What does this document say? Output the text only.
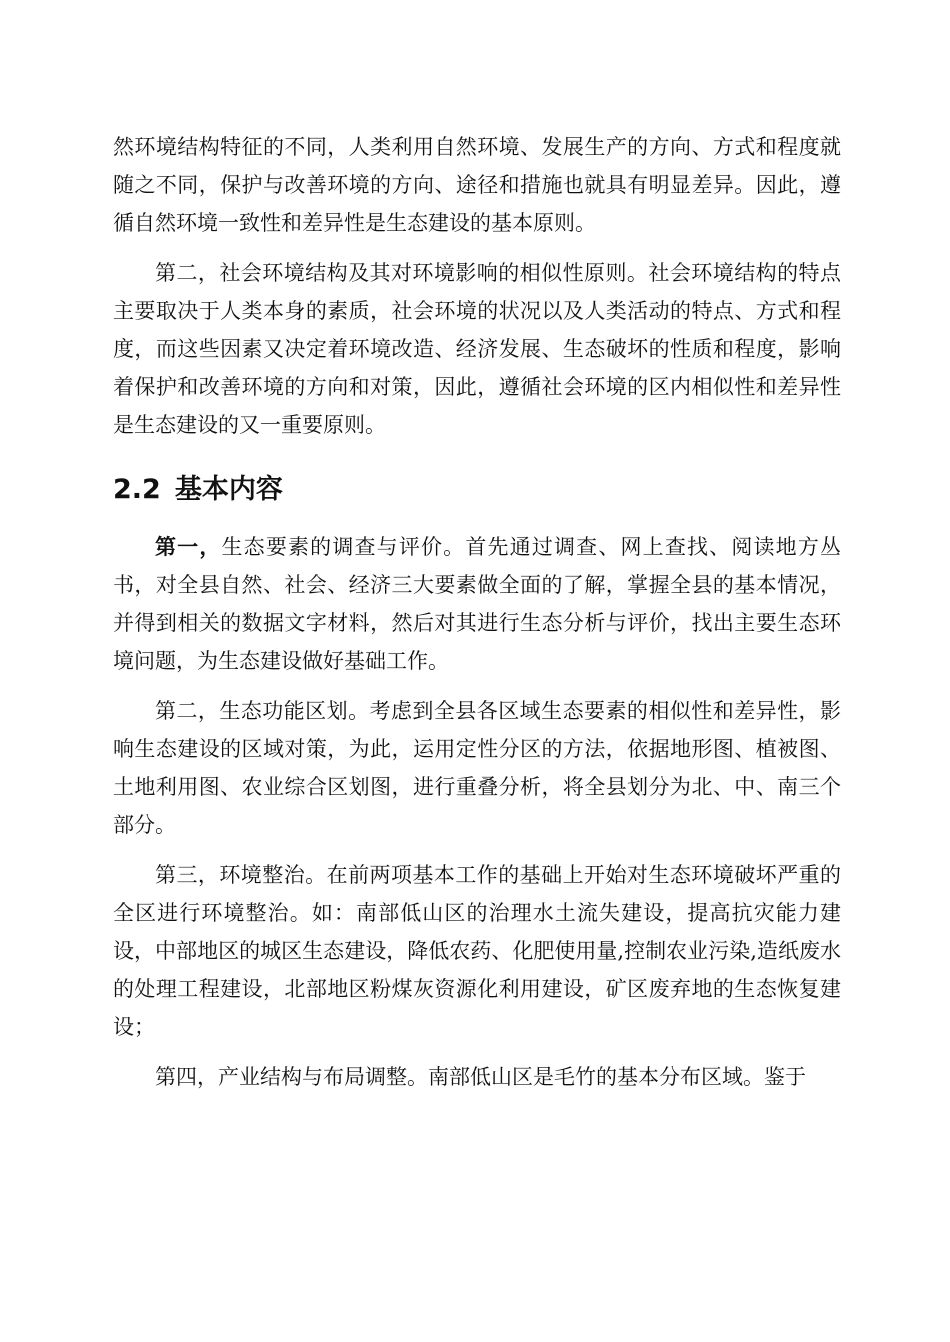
然环境结构特征的不同，人类利用自然环境、发展生产的方向、方式和程度就随之不同，保护与改善环境的方向、途径和措施也就具有明显差异。因此，遵循自然环境一致性和差异性是生态建设的基本原则。

第二，社会环境结构及其对环境影响的相似性原则。社会环境结构的特点主要取决于人类本身的素质，社会环境的状况以及人类活动的特点、方式和程度，而这些因素又决定着环境改造、经济发展、生态破坏的性质和程度，影响着保护和改善环境的方向和对策，因此，遵循社会环境的区内相似性和差异性是生态建设的又一重要原则。

2.2 基本内容

第一，生态要素的调查与评价。首先通过调查、网上查找、阅读地方丛书，对全县自然、社会、经济三大要素做全面的了解，掌握全县的基本情况，并得到相关的数据文字材料，然后对其进行生态分析与评价，找出主要生态环境问题，为生态建设做好基础工作。

第二，生态功能区划。考虑到全县各区域生态要素的相似性和差异性，影响生态建设的区域对策，为此，运用定性分区的方法，依据地形图、植被图、土地利用图、农业综合区划图，进行重叠分析，将全县划分为北、中、南三个部分。

第三，环境整治。在前两项基本工作的基础上开始对生态环境破坏严重的全区进行环境整治。如：南部低山区的治理水土流失建设，提高抗灾能力建设，中部地区的城区生态建设，降低农药、化肥使用量,控制农业污染,造纸废水的处理工程建设，北部地区粉煤灰资源化利用建设，矿区废弃地的生态恢复建设；

第四，产业结构与布局调整。南部低山区是毛竹的基本分布区域。鉴于
